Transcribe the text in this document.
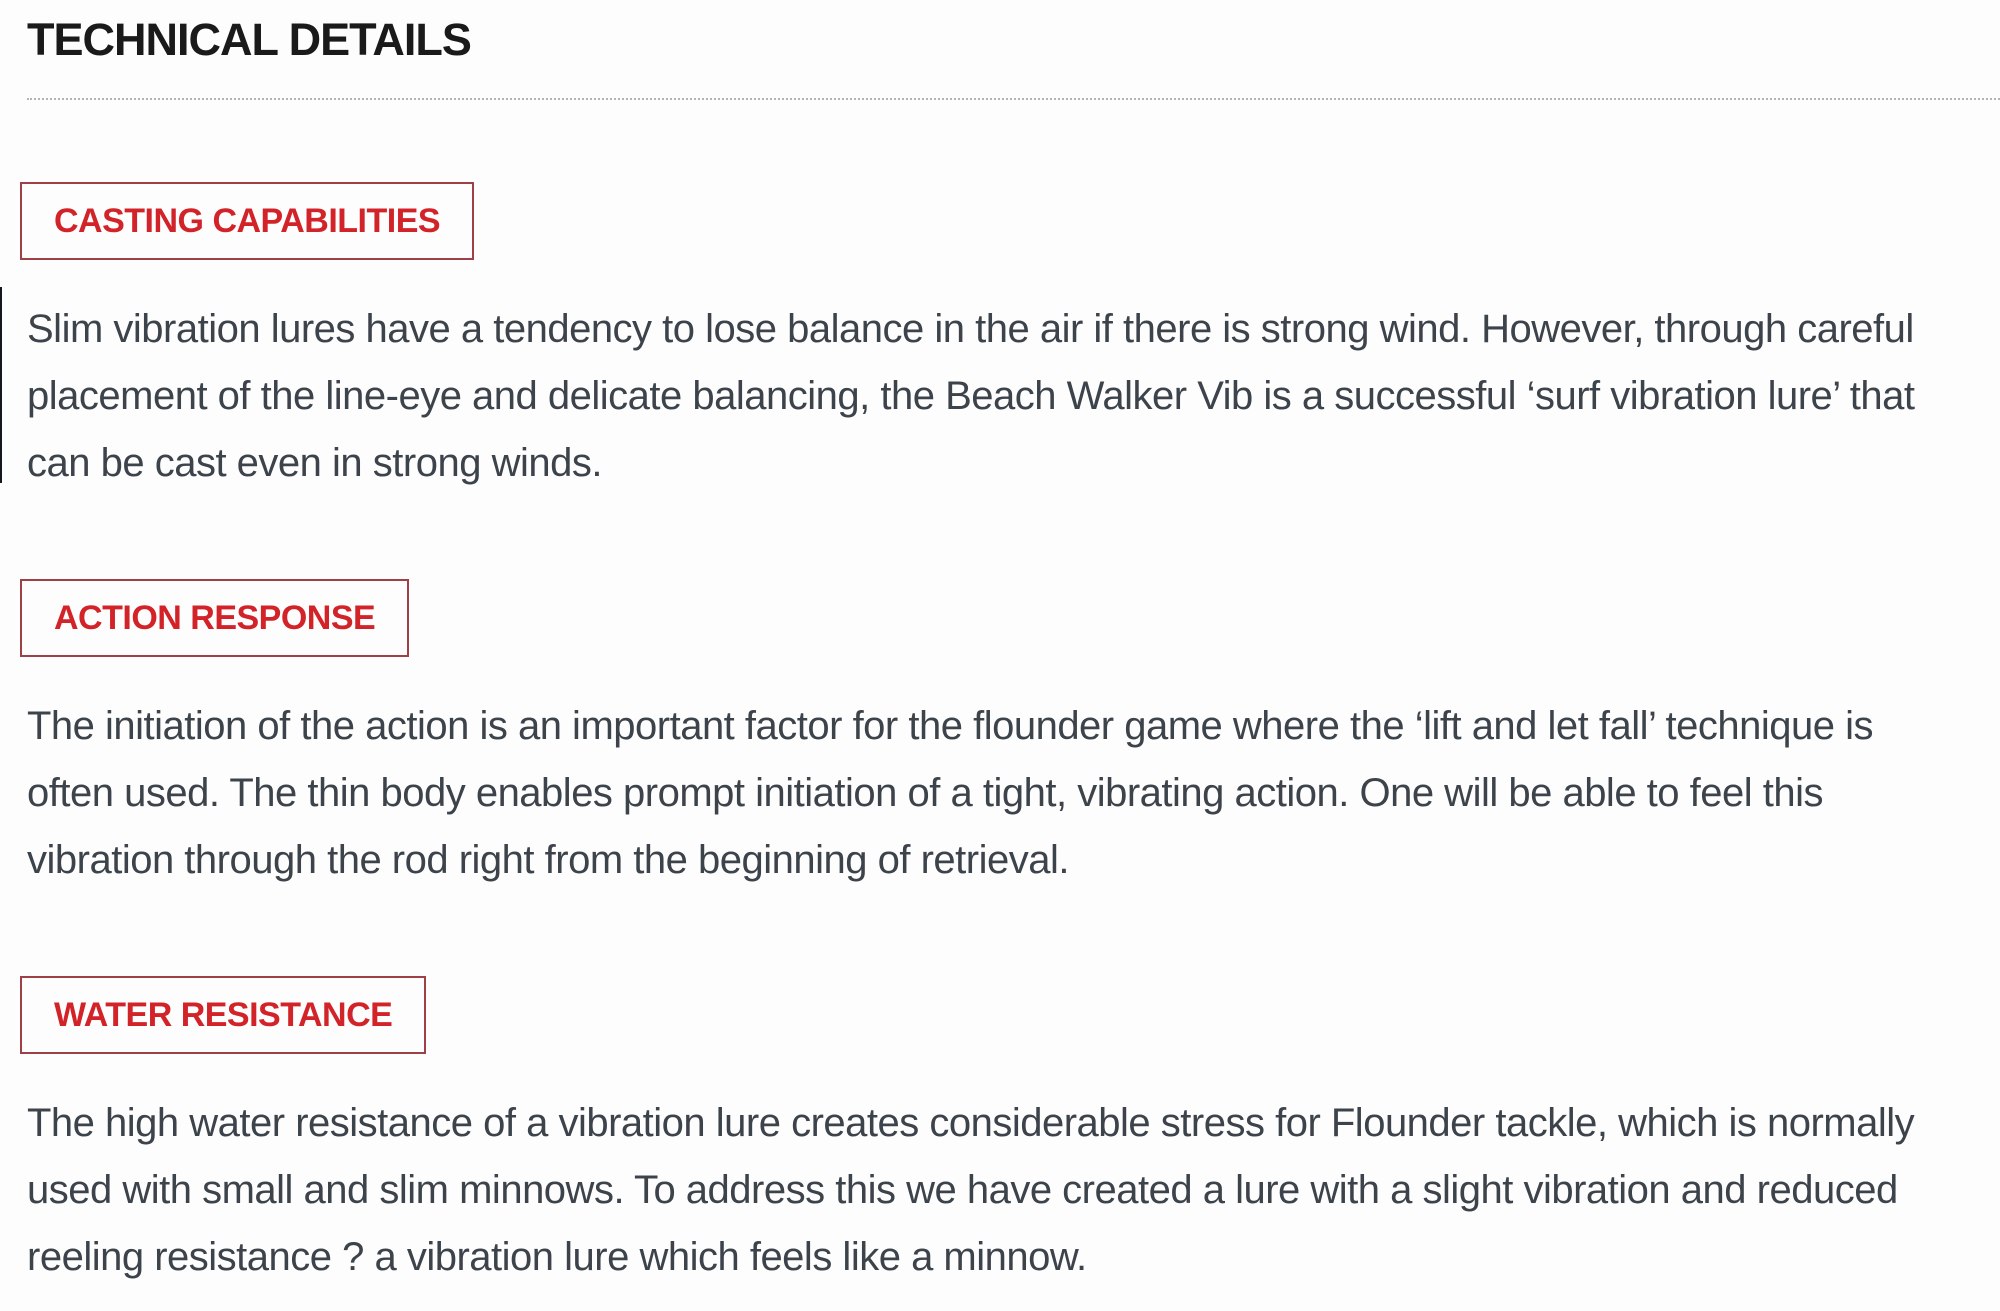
TECHNICAL DETAILS
CASTING CAPABILITIES

Slim vibration lures have a tendency to lose balance in the air if there is strong wind. However, through careful placement of the line-eye and delicate balancing, the Beach Walker Vib is a successful ‘surf vibration lure’ that can be cast even in strong winds.

ACTION RESPONSE

The initiation of the action is an important factor for the flounder game where the ‘lift and let fall’ technique is often used. The thin body enables prompt initiation of a tight, vibrating action. One will be able to feel this vibration through the rod right from the beginning of retrieval.

WATER RESISTANCE

The high water resistance of a vibration lure creates considerable stress for Flounder tackle, which is normally used with small and slim minnows. To address this we have created a lure with a slight vibration and reduced reeling resistance ? a vibration lure which feels like a minnow.
